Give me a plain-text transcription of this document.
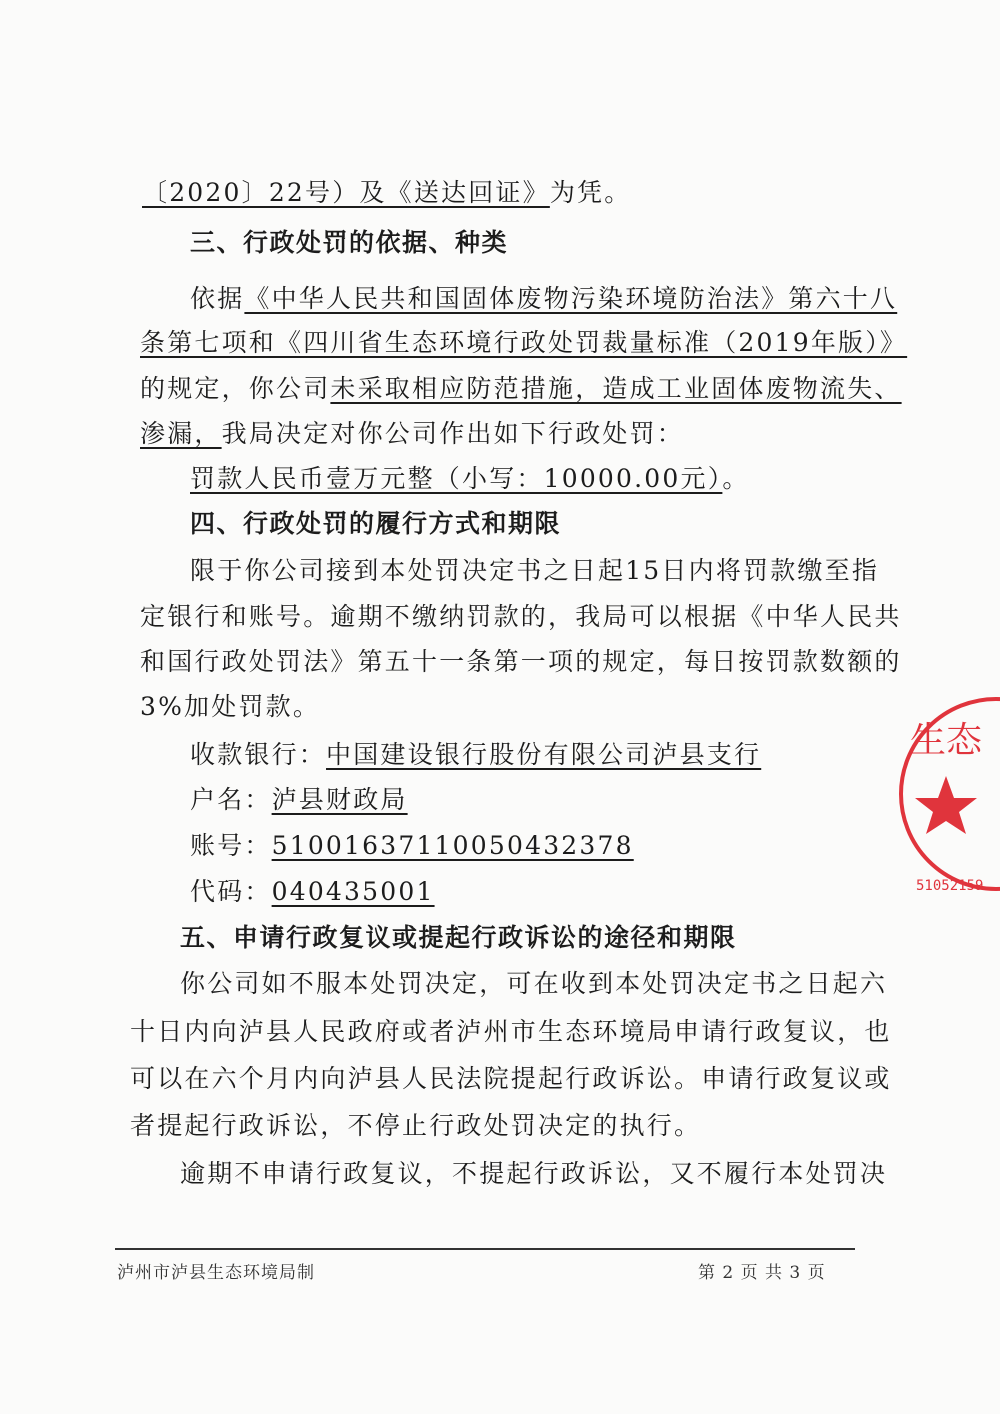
〔2020〕22号）及《送达回证》为凭。
三、行政处罚的依据、种类
依据《中华人民共和国固体废物污染环境防治法》第六十八
条第七项和《四川省生态环境行政处罚裁量标准（2019年版）》
的规定，你公司未采取相应防范措施，造成工业固体废物流失、
渗漏，我局决定对你公司作出如下行政处罚：
罚款人民币壹万元整（小写：10000.00元）。
四、行政处罚的履行方式和期限
限于你公司接到本处罚决定书之日起15日内将罚款缴至指
定银行和账号。逾期不缴纳罚款的，我局可以根据《中华人民共
和国行政处罚法》第五十一条第一项的规定，每日按罚款数额的
3%加处罚款。
收款银行：中国建设银行股份有限公司泸县支行
户名：泸县财政局
账号：51001637110050432378
代码：040435001
五、申请行政复议或提起行政诉讼的途径和期限
你公司如不服本处罚决定，可在收到本处罚决定书之日起六
十日内向泸县人民政府或者泸州市生态环境局申请行政复议，也
可以在六个月内向泸县人民法院提起行政诉讼。申请行政复议或
者提起行政诉讼，不停止行政处罚决定的执行。
逾期不申请行政复议，不提起行政诉讼，又不履行本处罚决
生态
51052159
泸州市泸县生态环境局制	第 2 页 共 3 页
